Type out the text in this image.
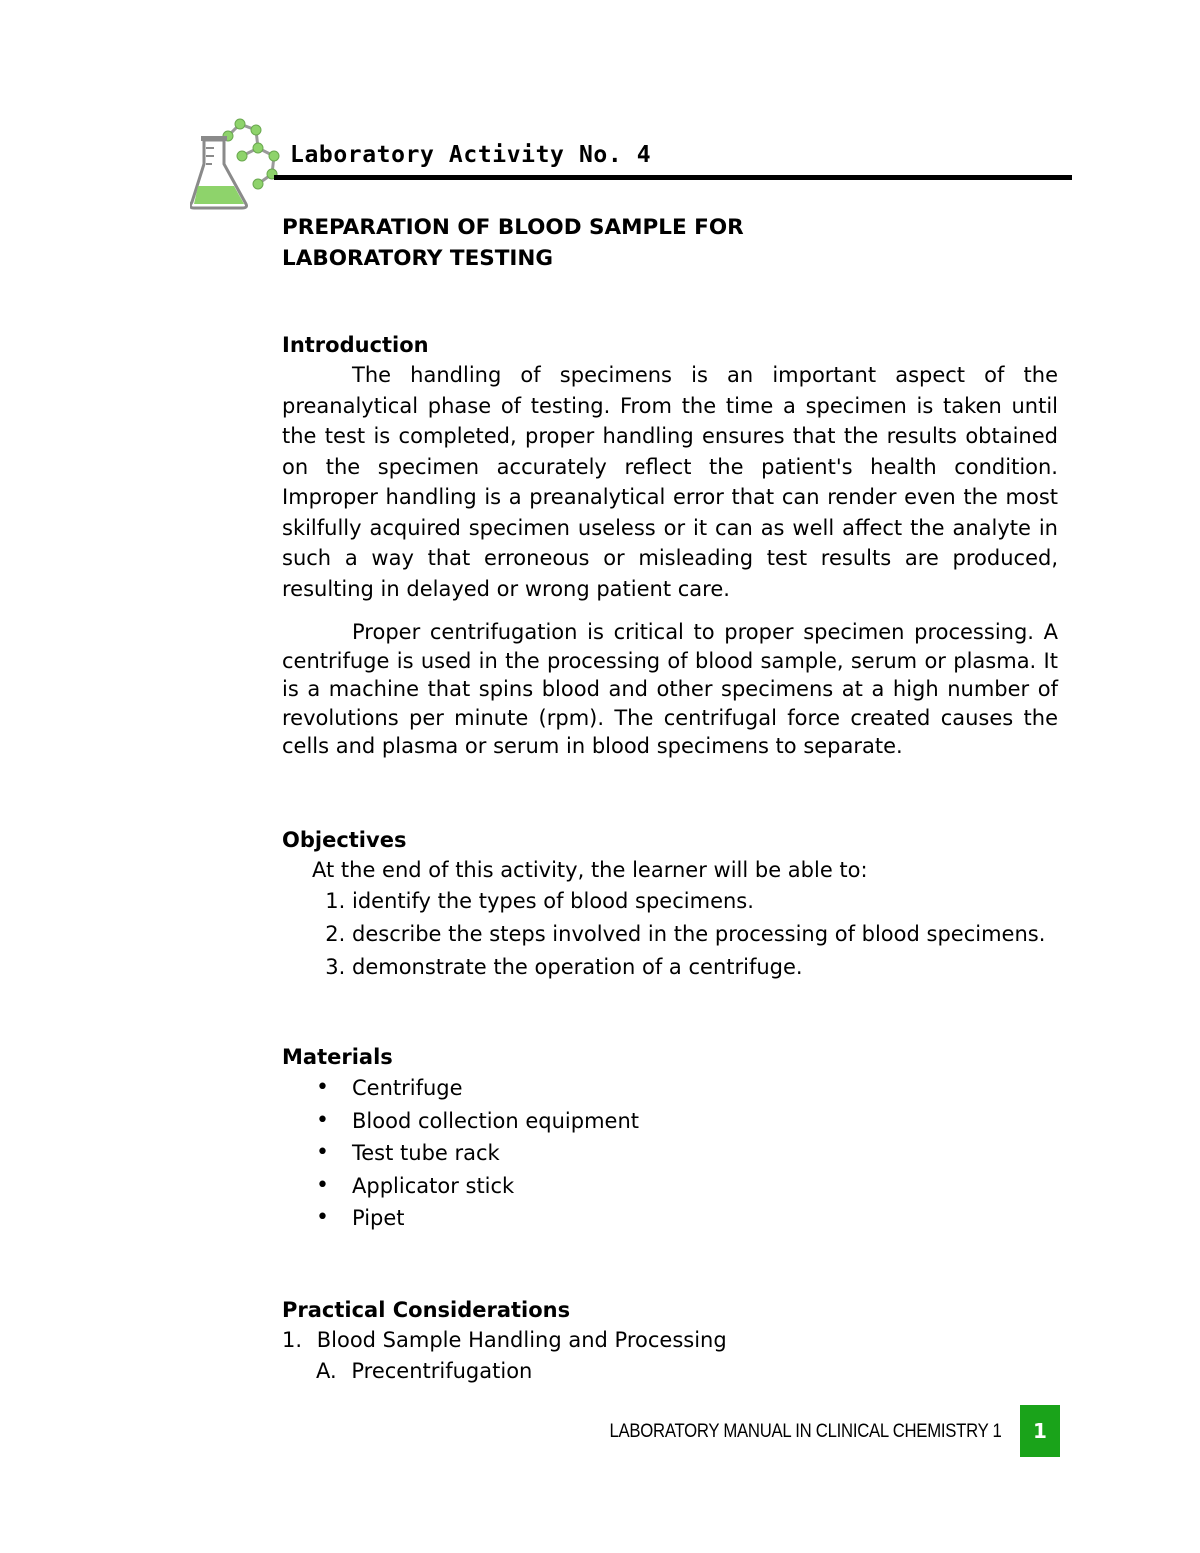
Laboratory Activity No. 4
PREPARATION OF BLOOD SAMPLE FOR
LABORATORY TESTING
Introduction

The handling of specimens is an important aspect of the preanalytical phase of testing. From the time a specimen is taken until the test is completed, proper handling ensures that the results obtained on the specimen accurately reflect the patient's health condition. Improper handling is a preanalytical error that can render even the most skilfully acquired specimen useless or it can as well affect the analyte in such a way that erroneous or misleading test results are produced, resulting in delayed or wrong patient care.

Proper centrifugation is critical to proper specimen processing. A centrifuge is used in the processing of blood sample, serum or plasma. It is a machine that spins blood and other specimens at a high number of revolutions per minute (rpm). The centrifugal force created causes the cells and plasma or serum in blood specimens to separate.

Objectives
At the end of this activity, the learner will be able to:
1. identify the types of blood specimens.
2. describe the steps involved in the processing of blood specimens.
3. demonstrate the operation of a centrifuge.
Materials
• Centrifuge
• Blood collection equipment
• Test tube rack
• Applicator stick
• Pipet
Practical Considerations
1. Blood Sample Handling and Processing
A. Precentrifugation
LABORATORY MANUAL IN CLINICAL CHEMISTRY 1	1
